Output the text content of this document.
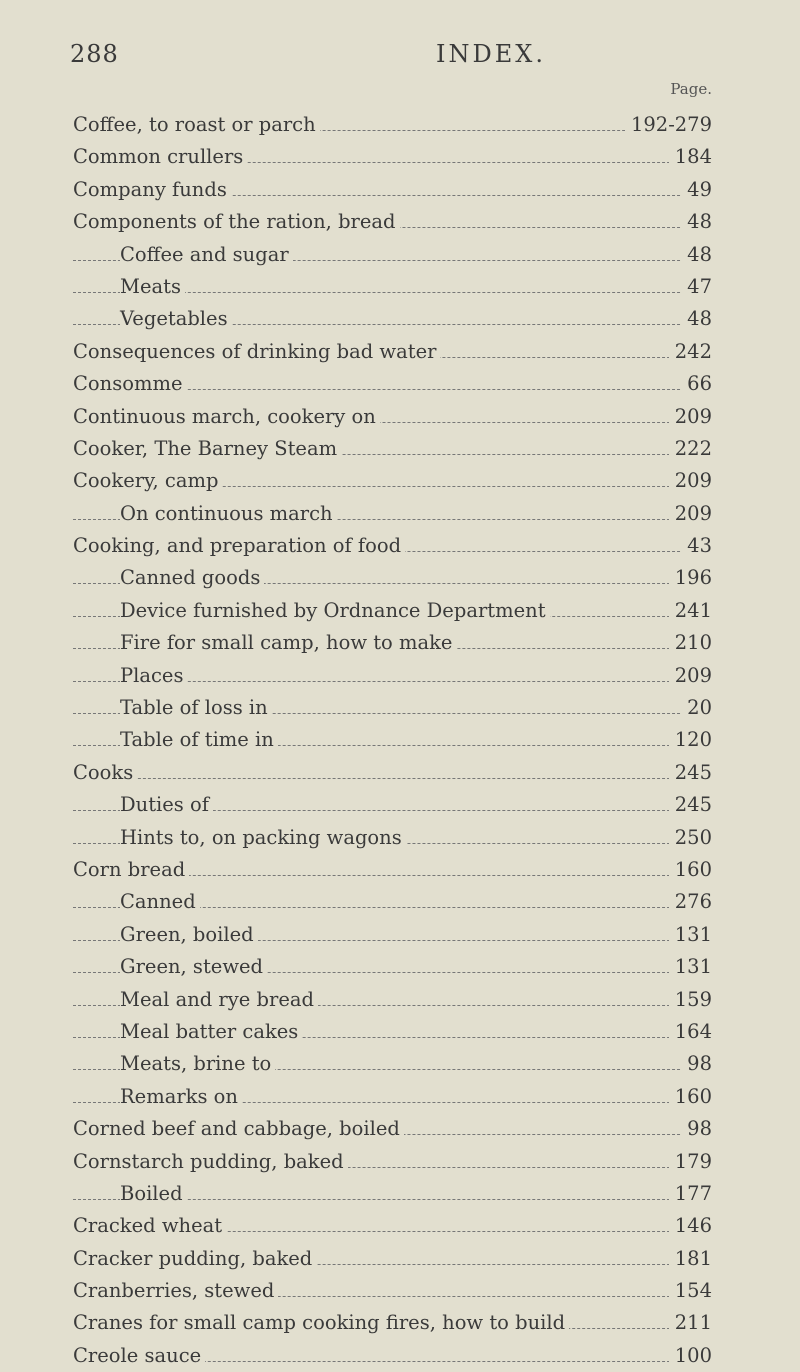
288	INDEX.
Page.
Coffee, to roast or parch	192-279
Common crullers	184
Company funds	49
Components of the ration, bread	48
Coffee and sugar	48
Meats	47
Vegetables	48
Consequences of drinking bad water	242
Consomme	66
Continuous march, cookery on	209
Cooker, The Barney Steam	222
Cookery, camp	209
On continuous march	209
Cooking, and preparation of food	43
Canned goods	196
Device furnished by Ordnance Department	241
Fire for small camp, how to make	210
Places	209
Table of loss in	20
Table of time in	120
Cooks	245
Duties of	245
Hints to, on packing wagons	250
Corn bread	160
Canned	276
Green, boiled	131
Green, stewed	131
Meal and rye bread	159
Meal batter cakes	164
Meats, brine to	98
Remarks on	160
Corned beef and cabbage, boiled	98
Cornstarch pudding, baked	179
Boiled	177
Cracked wheat	146
Cracker pudding, baked	181
Cranberries, stewed	154
Cranes for small camp cooking fires, how to build	211
Creole sauce	100
